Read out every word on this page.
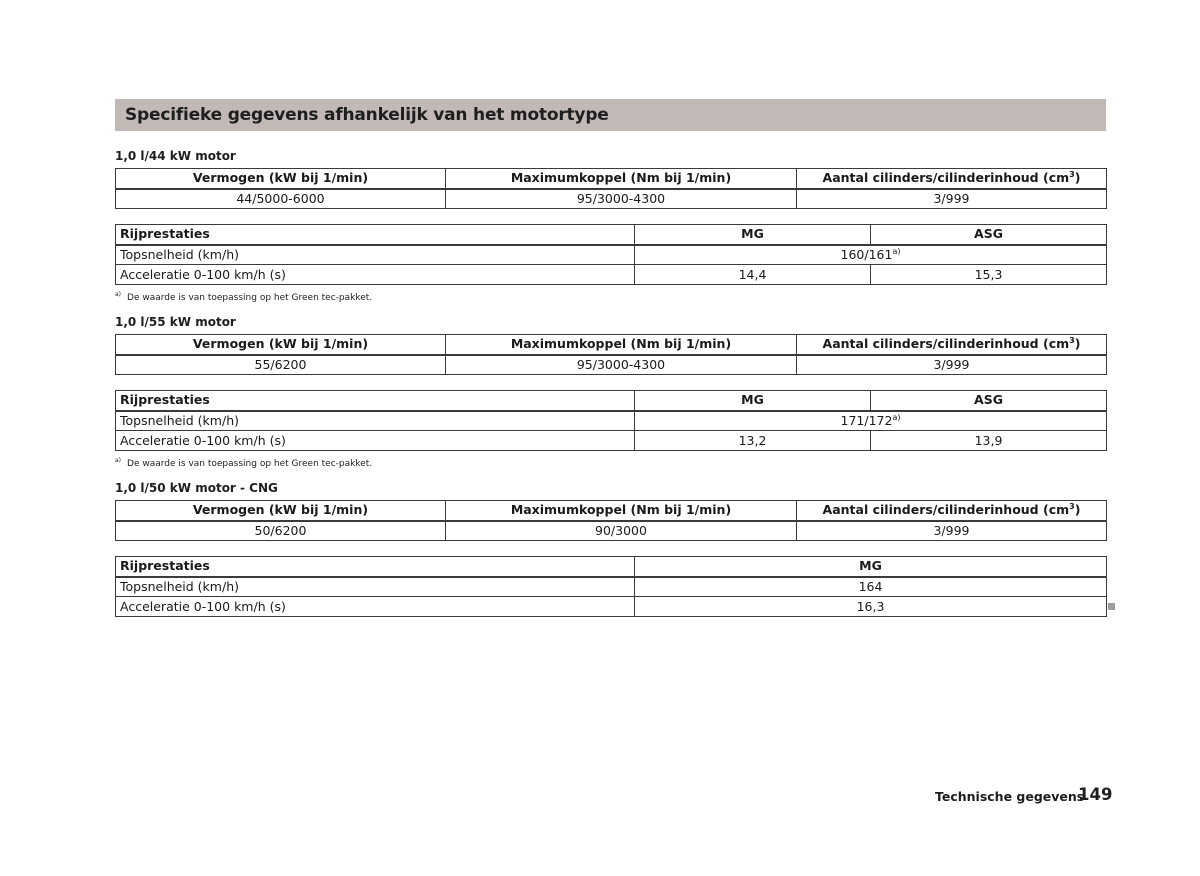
Specifieke gegevens afhankelijk van het motortype
1,0 l/44 kW motor
Vermogen (kW bij 1/min)	Maximumkoppel (Nm bij 1/min)	Aantal cilinders/cilinderinhoud $(cm^3)$
44/5000-6000	95/3000-4300	3/999
Rijprestaties	MG	ASG
Topsnelheid (km/h)	160/161$^{a)}$
Acceleratie 0-100 km/h (s)	14,4	15,3
$^{a)}$ De waarde is van toepassing op het Green tec-pakket.
1,0 l/55 kW motor
Vermogen (kW bij 1/min)	Maximumkoppel (Nm bij 1/min)	Aantal cilinders/cilinderinhoud $(cm^3)$
55/6200	95/3000-4300	3/999
Rijprestaties	MG	ASG
Topsnelheid (km/h)	171/172$^{a)}$
Acceleratie 0-100 km/h (s)	13,2	13,9
$^{a)}$ De waarde is van toepassing op het Green tec-pakket.
1,0 l/50 kW motor - CNG
Vermogen (kW bij 1/min)	Maximumkoppel (Nm bij 1/min)	Aantal cilinders/cilinderinhoud $(cm^3)$
50/6200	90/3000	3/999
Rijprestaties	MG
Topsnelheid (km/h)	164
Acceleratie 0-100 km/h (s)	16,3
Technische gegevens
149
